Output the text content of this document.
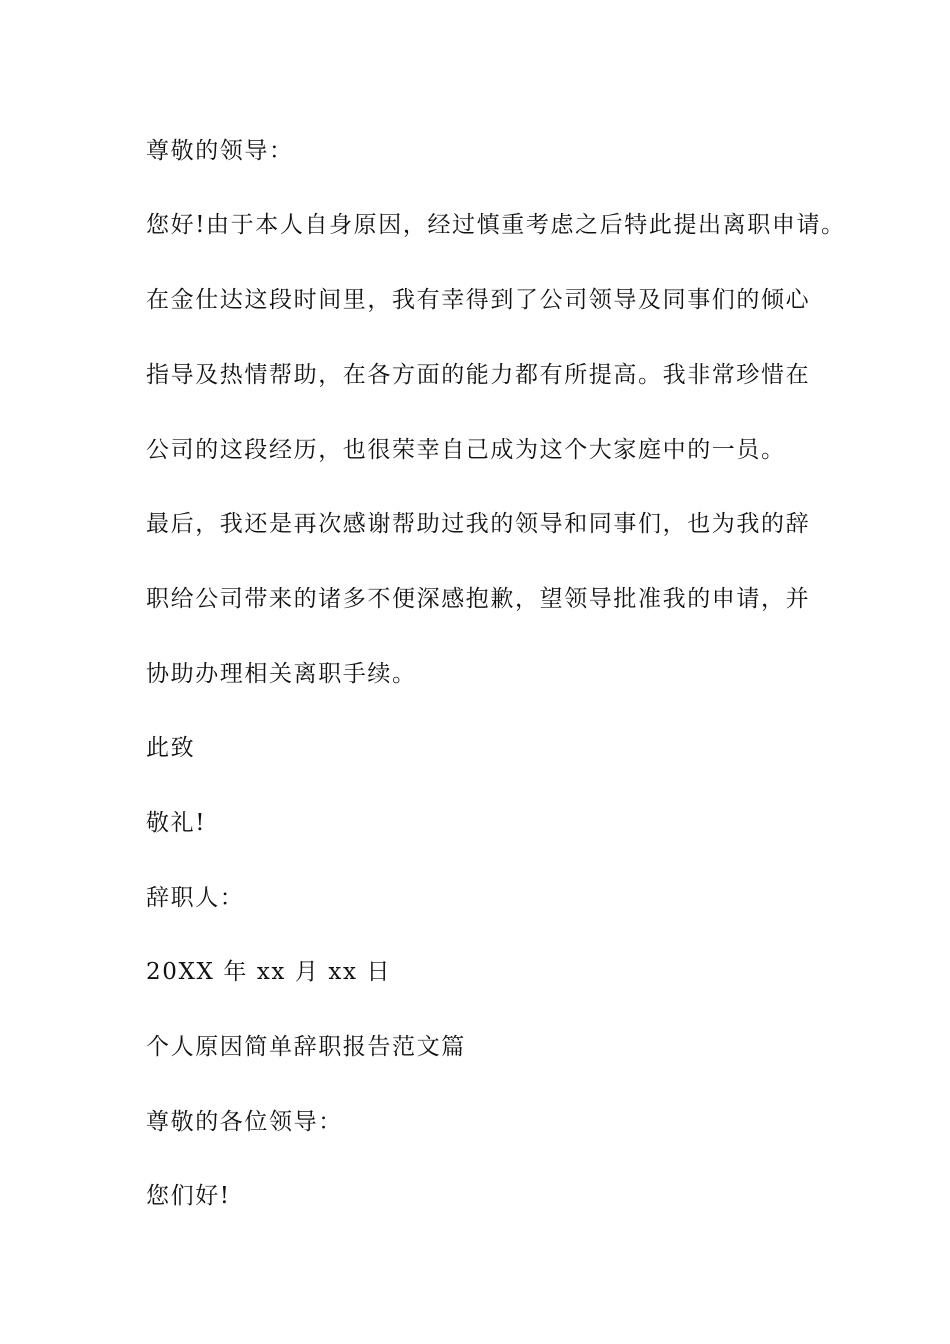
尊敬的领导：

您好!由于本人自身原因，经过慎重考虑之后特此提出离职申请。

在金仕达这段时间里，我有幸得到了公司领导及同事们的倾心

指导及热情帮助，在各方面的能力都有所提高。我非常珍惜在

公司的这段经历，也很荣幸自己成为这个大家庭中的一员。

最后，我还是再次感谢帮助过我的领导和同事们，也为我的辞

职给公司带来的诸多不便深感抱歉，望领导批准我的申请，并

协助办理相关离职手续。

此致

敬礼!

辞职人：

20XX 年 xx 月 xx 日

个人原因简单辞职报告范文篇

尊敬的各位领导：

您们好!
